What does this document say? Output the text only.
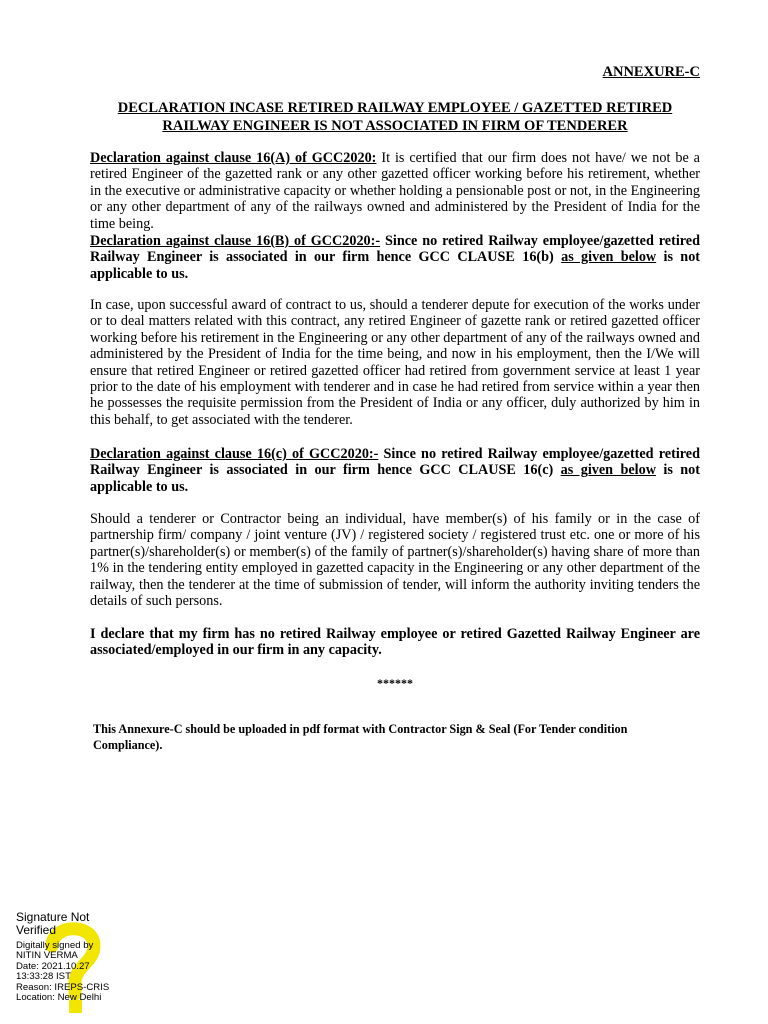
ANNEXURE-C
DECLARATION INCASE RETIRED RAILWAY EMPLOYEE / GAZETTED RETIRED
RAILWAY ENGINEER IS NOT ASSOCIATED IN FIRM OF TENDERER

Declaration against clause 16(A) of GCC2020: It is certified that our firm does not have/ we not be a retired Engineer of the gazetted rank or any other gazetted officer working before his retirement, whether in the executive or administrative capacity or whether holding a pensionable post or not, in the Engineering or any other department of any of the railways owned and administered by the President of India for the time being.

Declaration against clause 16(B) of GCC2020:- Since no retired Railway employee/gazetted retired Railway Engineer is associated in our firm hence GCC CLAUSE 16(b) as given below is not applicable to us.

In case, upon successful award of contract to us, should a tenderer depute for execution of the works under or to deal matters related with this contract, any retired Engineer of gazette rank or retired gazetted officer working before his retirement in the Engineering or any other department of any of the railways owned and administered by the President of India for the time being, and now in his employment, then the I/We will ensure that retired Engineer or retired gazetted officer had retired from government service at least 1 year prior to the date of his employment with tenderer and in case he had retired from service within a year then he possesses the requisite permission from the President of India or any officer, duly authorized by him in this behalf, to get associated with the tenderer.

Declaration against clause 16(c) of GCC2020:- Since no retired Railway employee/gazetted retired Railway Engineer is associated in our firm hence GCC CLAUSE 16(c) as given below is not applicable to us.

Should a tenderer or Contractor being an individual, have member(s) of his family or in the case of partnership firm/ company / joint venture (JV) / registered society / registered trust etc. one or more of his partner(s)/shareholder(s) or member(s) of the family of partner(s)/shareholder(s) having share of more than 1% in the tendering entity employed in gazetted capacity in the Engineering or any other department of the railway, then the tenderer at the time of submission of tender, will inform the authority inviting tenders the details of such persons.

I declare that my firm has no retired Railway employee or retired Gazetted Railway Engineer are associated/employed in our firm in any capacity.

******
This Annexure-C should be uploaded in pdf format with Contractor Sign & Seal (For Tender condition Compliance).
Signature Not
Verified
Digitally signed by
NITIN VERMA
Date: 2021.10.27
13:33:28 IST
Reason: IREPS-CRIS
Location: New Delhi
